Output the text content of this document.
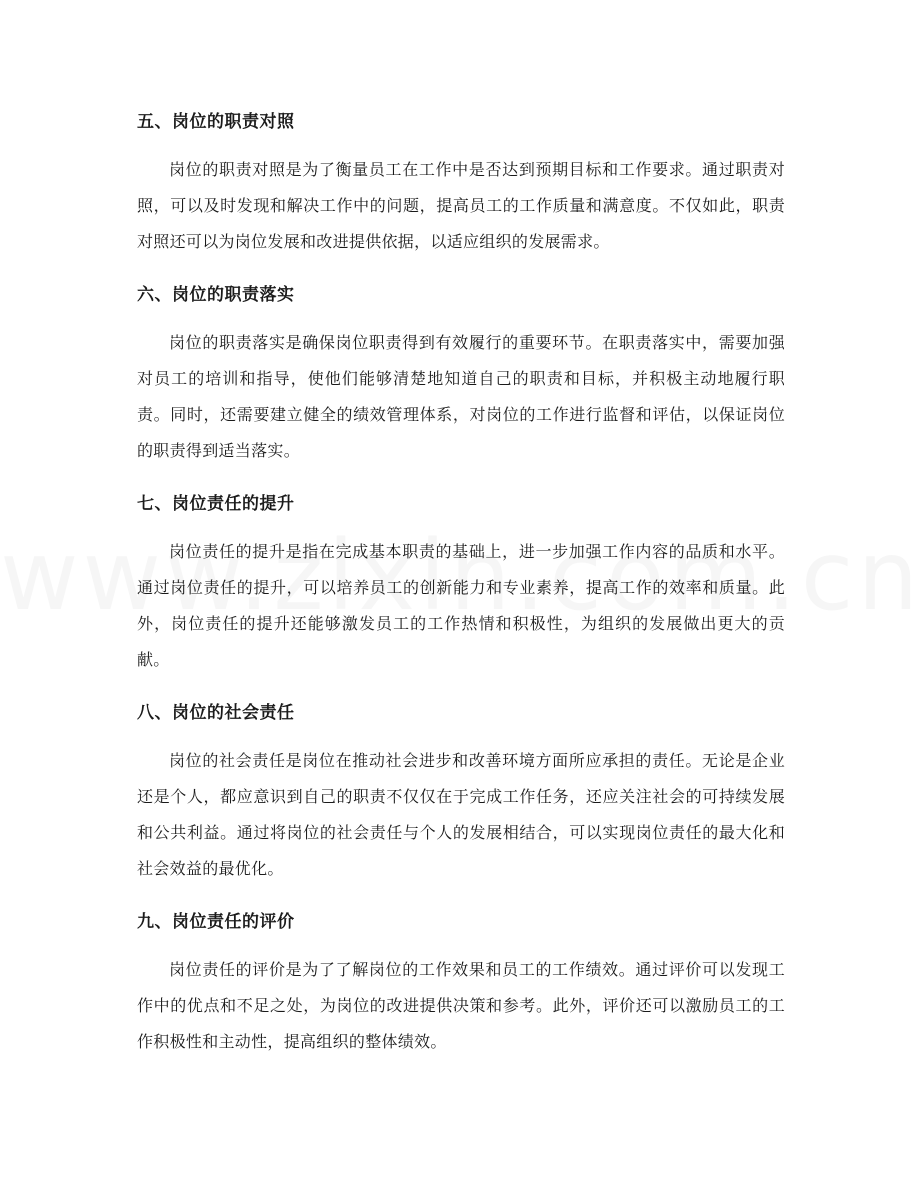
五、岗位的职责对照
岗位的职责对照是为了衡量员工在工作中是否达到预期目标和工作要求。通过职责对照，可以及时发现和解决工作中的问题，提高员工的工作质量和满意度。不仅如此，职责对照还可以为岗位发展和改进提供依据，以适应组织的发展需求。
六、岗位的职责落实
岗位的职责落实是确保岗位职责得到有效履行的重要环节。在职责落实中，需要加强对员工的培训和指导，使他们能够清楚地知道自己的职责和目标，并积极主动地履行职责。同时，还需要建立健全的绩效管理体系，对岗位的工作进行监督和评估，以保证岗位的职责得到适当落实。
七、岗位责任的提升
岗位责任的提升是指在完成基本职责的基础上，进一步加强工作内容的品质和水平。通过岗位责任的提升，可以培养员工的创新能力和专业素养，提高工作的效率和质量。此外，岗位责任的提升还能够激发员工的工作热情和积极性，为组织的发展做出更大的贡献。
八、岗位的社会责任
岗位的社会责任是岗位在推动社会进步和改善环境方面所应承担的责任。无论是企业还是个人，都应意识到自己的职责不仅仅在于完成工作任务，还应关注社会的可持续发展和公共利益。通过将岗位的社会责任与个人的发展相结合，可以实现岗位责任的最大化和社会效益的最优化。
九、岗位责任的评价
岗位责任的评价是为了了解岗位的工作效果和员工的工作绩效。通过评价可以发现工作中的优点和不足之处，为岗位的改进提供决策和参考。此外，评价还可以激励员工的工作积极性和主动性，提高组织的整体绩效。
